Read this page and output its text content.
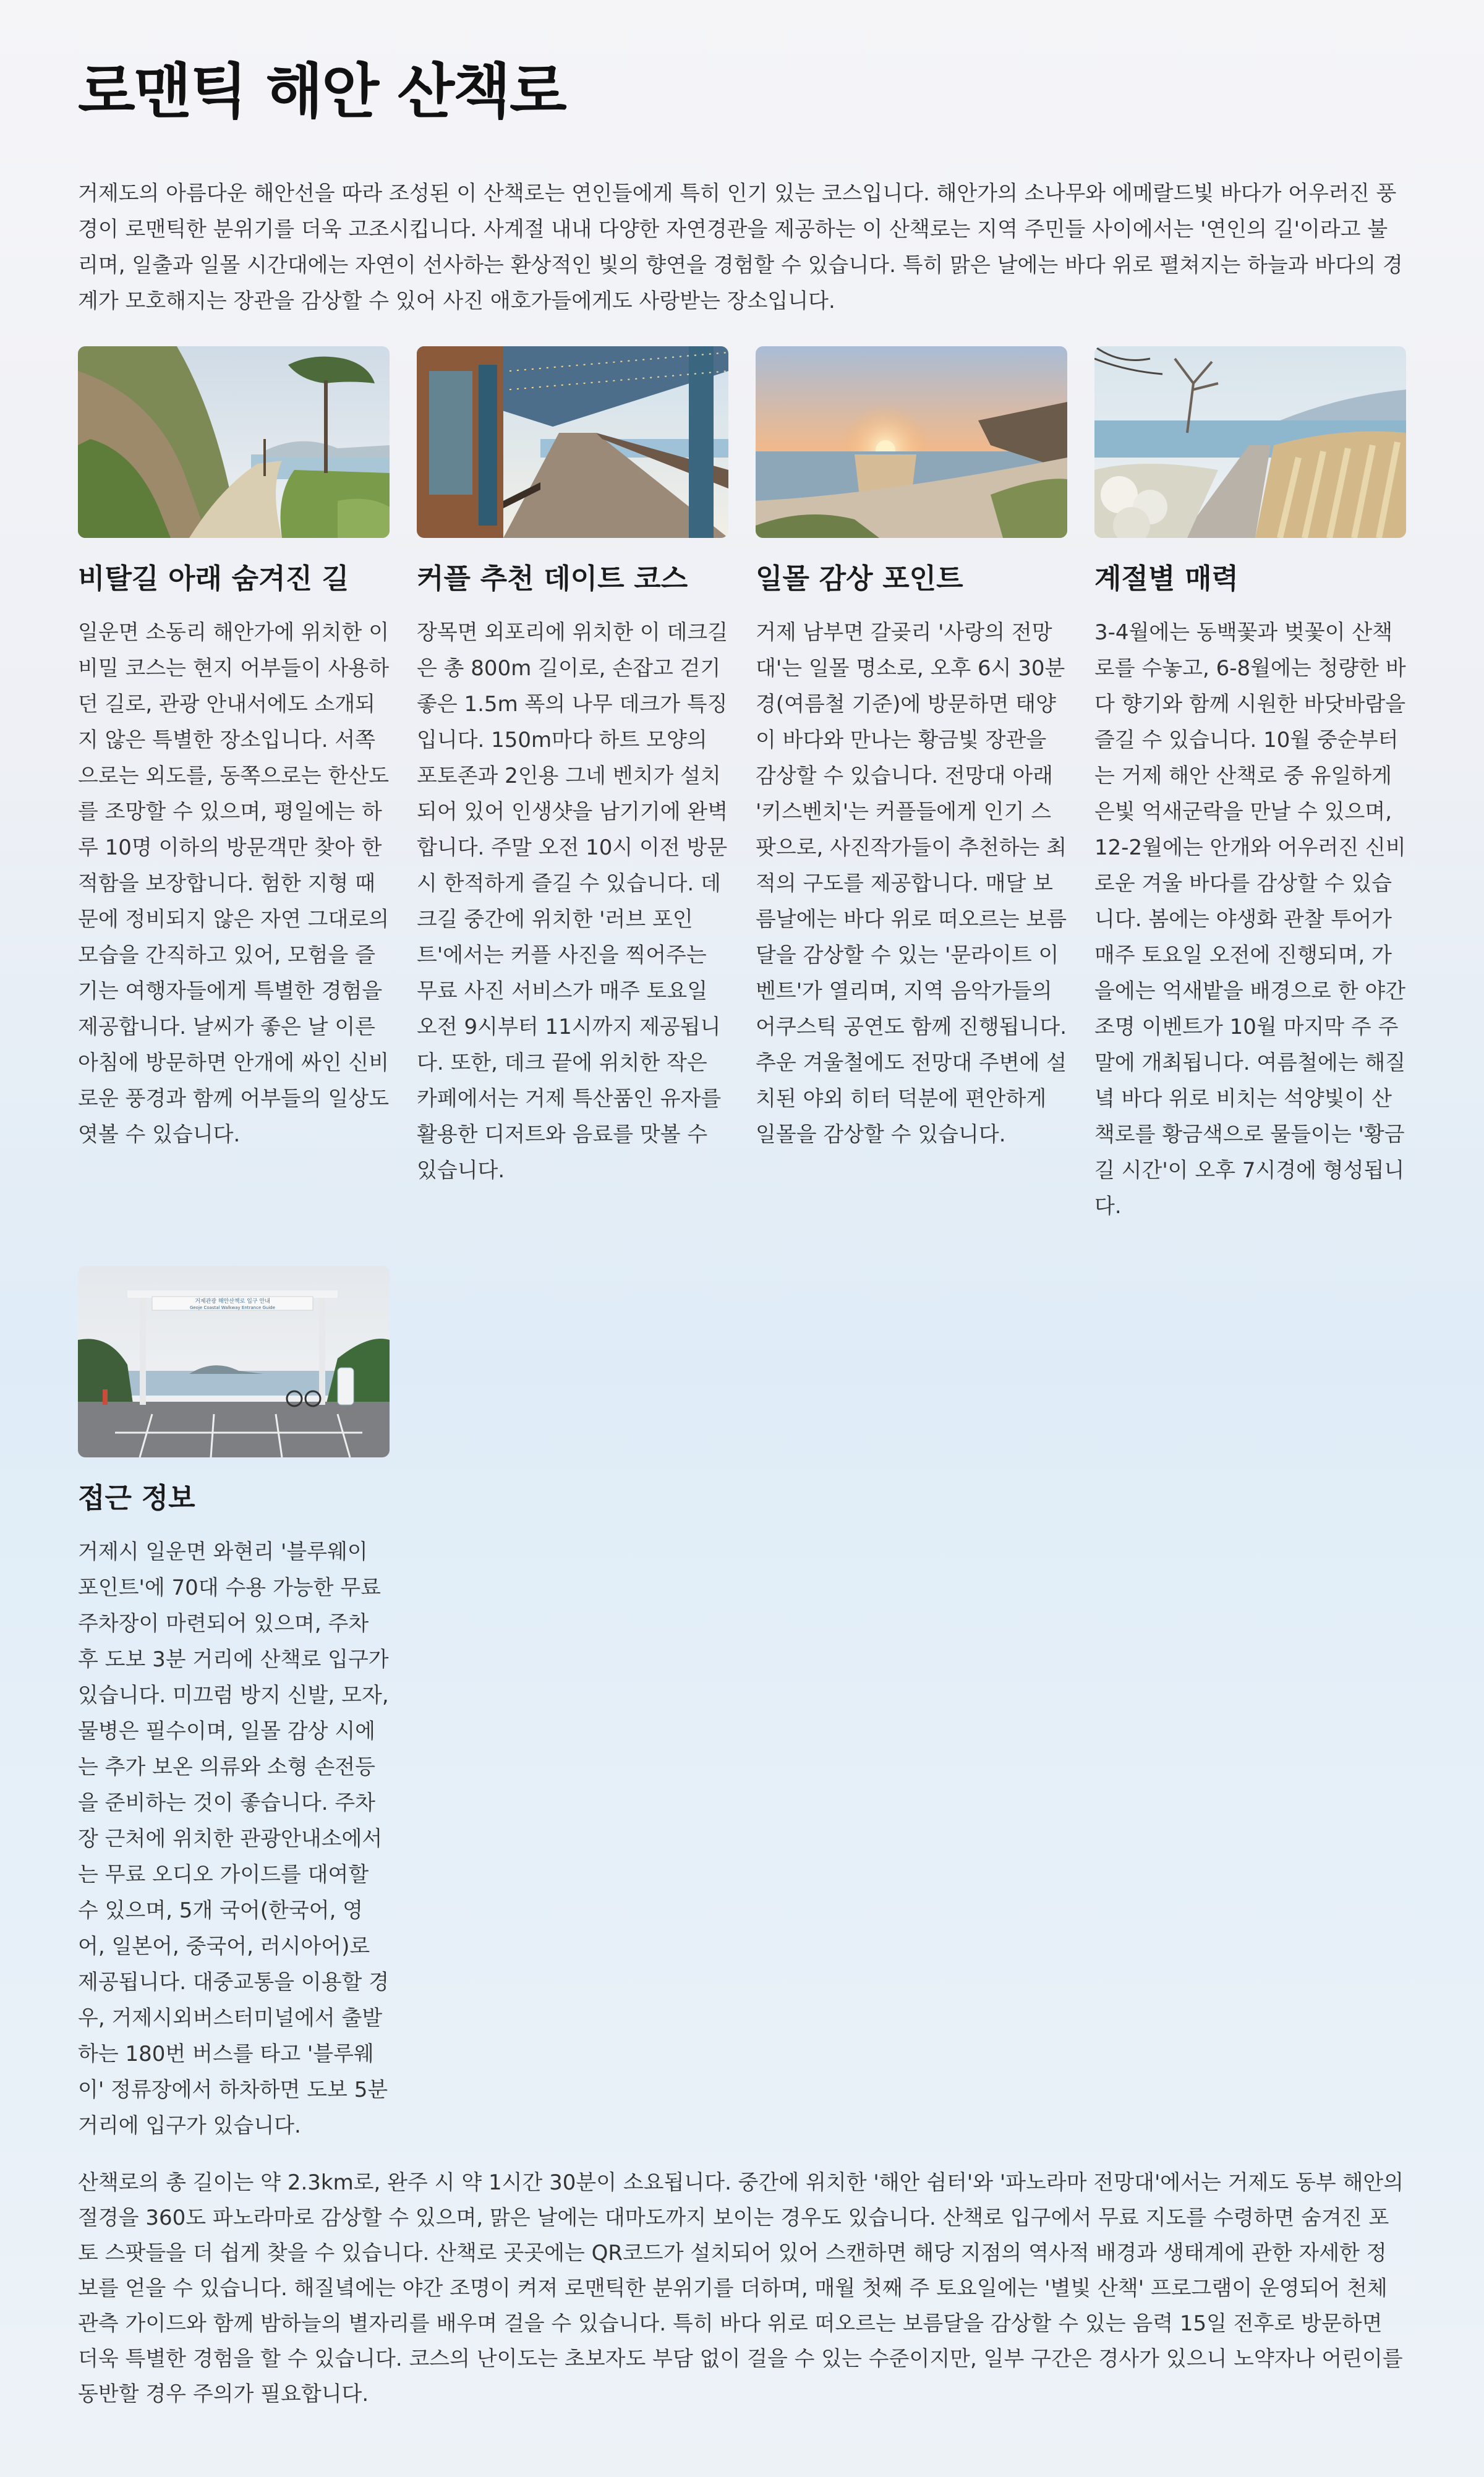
로맨틱 해안 산책로

거제도의 아름다운 해안선을 따라 조성된 이 산책로는 연인들에게 특히 인기 있는 코스입니다. 해안가의 소나무와 에메랄드빛 바다가 어우러진 풍경이 로맨틱한 분위기를 더욱 고조시킵니다. 사계절 내내 다양한 자연경관을 제공하는 이 산책로는 지역 주민들 사이에서는 '연인의 길'이라고 불리며, 일출과 일몰 시간대에는 자연이 선사하는 환상적인 빛의 향연을 경험할 수 있습니다. 특히 맑은 날에는 바다 위로 펼쳐지는 하늘과 바다의 경계가 모호해지는 장관을 감상할 수 있어 사진 애호가들에게도 사랑받는 장소입니다.

비탈길 아래 숨겨진 길

일운면 소동리 해안가에 위치한 이 비밀 코스는 현지 어부들이 사용하던 길로, 관광 안내서에도 소개되지 않은 특별한 장소입니다. 서쪽으로는 외도를, 동쪽으로는 한산도를 조망할 수 있으며, 평일에는 하루 10명 이하의 방문객만 찾아 한적함을 보장합니다. 험한 지형 때문에 정비되지 않은 자연 그대로의 모습을 간직하고 있어, 모험을 즐기는 여행자들에게 특별한 경험을 제공합니다. 날씨가 좋은 날 이른 아침에 방문하면 안개에 싸인 신비로운 풍경과 함께 어부들의 일상도 엿볼 수 있습니다.

커플 추천 데이트 코스

장목면 외포리에 위치한 이 데크길은 총 800m 길이로, 손잡고 걷기 좋은 1.5m 폭의 나무 데크가 특징입니다. 150m마다 하트 모양의 포토존과 2인용 그네 벤치가 설치되어 있어 인생샷을 남기기에 완벽합니다. 주말 오전 10시 이전 방문 시 한적하게 즐길 수 있습니다. 데크길 중간에 위치한 '러브 포인트'에서는 커플 사진을 찍어주는 무료 사진 서비스가 매주 토요일 오전 9시부터 11시까지 제공됩니다. 또한, 데크 끝에 위치한 작은 카페에서는 거제 특산품인 유자를 활용한 디저트와 음료를 맛볼 수 있습니다.

일몰 감상 포인트

거제 남부면 갈곶리 '사랑의 전망대'는 일몰 명소로, 오후 6시 30분경(여름철 기준)에 방문하면 태양이 바다와 만나는 황금빛 장관을 감상할 수 있습니다. 전망대 아래 '키스벤치'는 커플들에게 인기 스팟으로, 사진작가들이 추천하는 최적의 구도를 제공합니다. 매달 보름날에는 바다 위로 떠오르는 보름달을 감상할 수 있는 '문라이트 이벤트'가 열리며, 지역 음악가들의 어쿠스틱 공연도 함께 진행됩니다. 추운 겨울철에도 전망대 주변에 설치된 야외 히터 덕분에 편안하게 일몰을 감상할 수 있습니다.

계절별 매력

3-4월에는 동백꽃과 벚꽃이 산책로를 수놓고, 6-8월에는 청량한 바다 향기와 함께 시원한 바닷바람을 즐길 수 있습니다. 10월 중순부터는 거제 해안 산책로 중 유일하게 은빛 억새군락을 만날 수 있으며, 12-2월에는 안개와 어우러진 신비로운 겨울 바다를 감상할 수 있습니다. 봄에는 야생화 관찰 투어가 매주 토요일 오전에 진행되며, 가을에는 억새밭을 배경으로 한 야간 조명 이벤트가 10월 마지막 주 주말에 개최됩니다. 여름철에는 해질녘 바다 위로 비치는 석양빛이 산책로를 황금색으로 물들이는 '황금길 시간'이 오후 7시경에 형성됩니다.

거제관광 해안산책로 입구 안내
Geoje Coastal Walkway Entrance Guide
접근 정보

거제시 일운면 와현리 '블루웨이 포인트'에 70대 수용 가능한 무료 주차장이 마련되어 있으며, 주차 후 도보 3분 거리에 산책로 입구가 있습니다. 미끄럼 방지 신발, 모자, 물병은 필수이며, 일몰 감상 시에는 추가 보온 의류와 소형 손전등을 준비하는 것이 좋습니다. 주차장 근처에 위치한 관광안내소에서는 무료 오디오 가이드를 대여할 수 있으며, 5개 국어(한국어, 영어, 일본어, 중국어, 러시아어)로 제공됩니다. 대중교통을 이용할 경우, 거제시외버스터미널에서 출발하는 180번 버스를 타고 '블루웨이' 정류장에서 하차하면 도보 5분 거리에 입구가 있습니다.

산책로의 총 길이는 약 2.3km로, 완주 시 약 1시간 30분이 소요됩니다. 중간에 위치한 '해안 쉼터'와 '파노라마 전망대'에서는 거제도 동부 해안의 절경을 360도 파노라마로 감상할 수 있으며, 맑은 날에는 대마도까지 보이는 경우도 있습니다. 산책로 입구에서 무료 지도를 수령하면 숨겨진 포토 스팟들을 더 쉽게 찾을 수 있습니다. 산책로 곳곳에는 QR코드가 설치되어 있어 스캔하면 해당 지점의 역사적 배경과 생태계에 관한 자세한 정보를 얻을 수 있습니다. 해질녘에는 야간 조명이 켜져 로맨틱한 분위기를 더하며, 매월 첫째 주 토요일에는 '별빛 산책' 프로그램이 운영되어 천체관측 가이드와 함께 밤하늘의 별자리를 배우며 걸을 수 있습니다. 특히 바다 위로 떠오르는 보름달을 감상할 수 있는 음력 15일 전후로 방문하면 더욱 특별한 경험을 할 수 있습니다. 코스의 난이도는 초보자도 부담 없이 걸을 수 있는 수준이지만, 일부 구간은 경사가 있으니 노약자나 어린이를 동반할 경우 주의가 필요합니다.
